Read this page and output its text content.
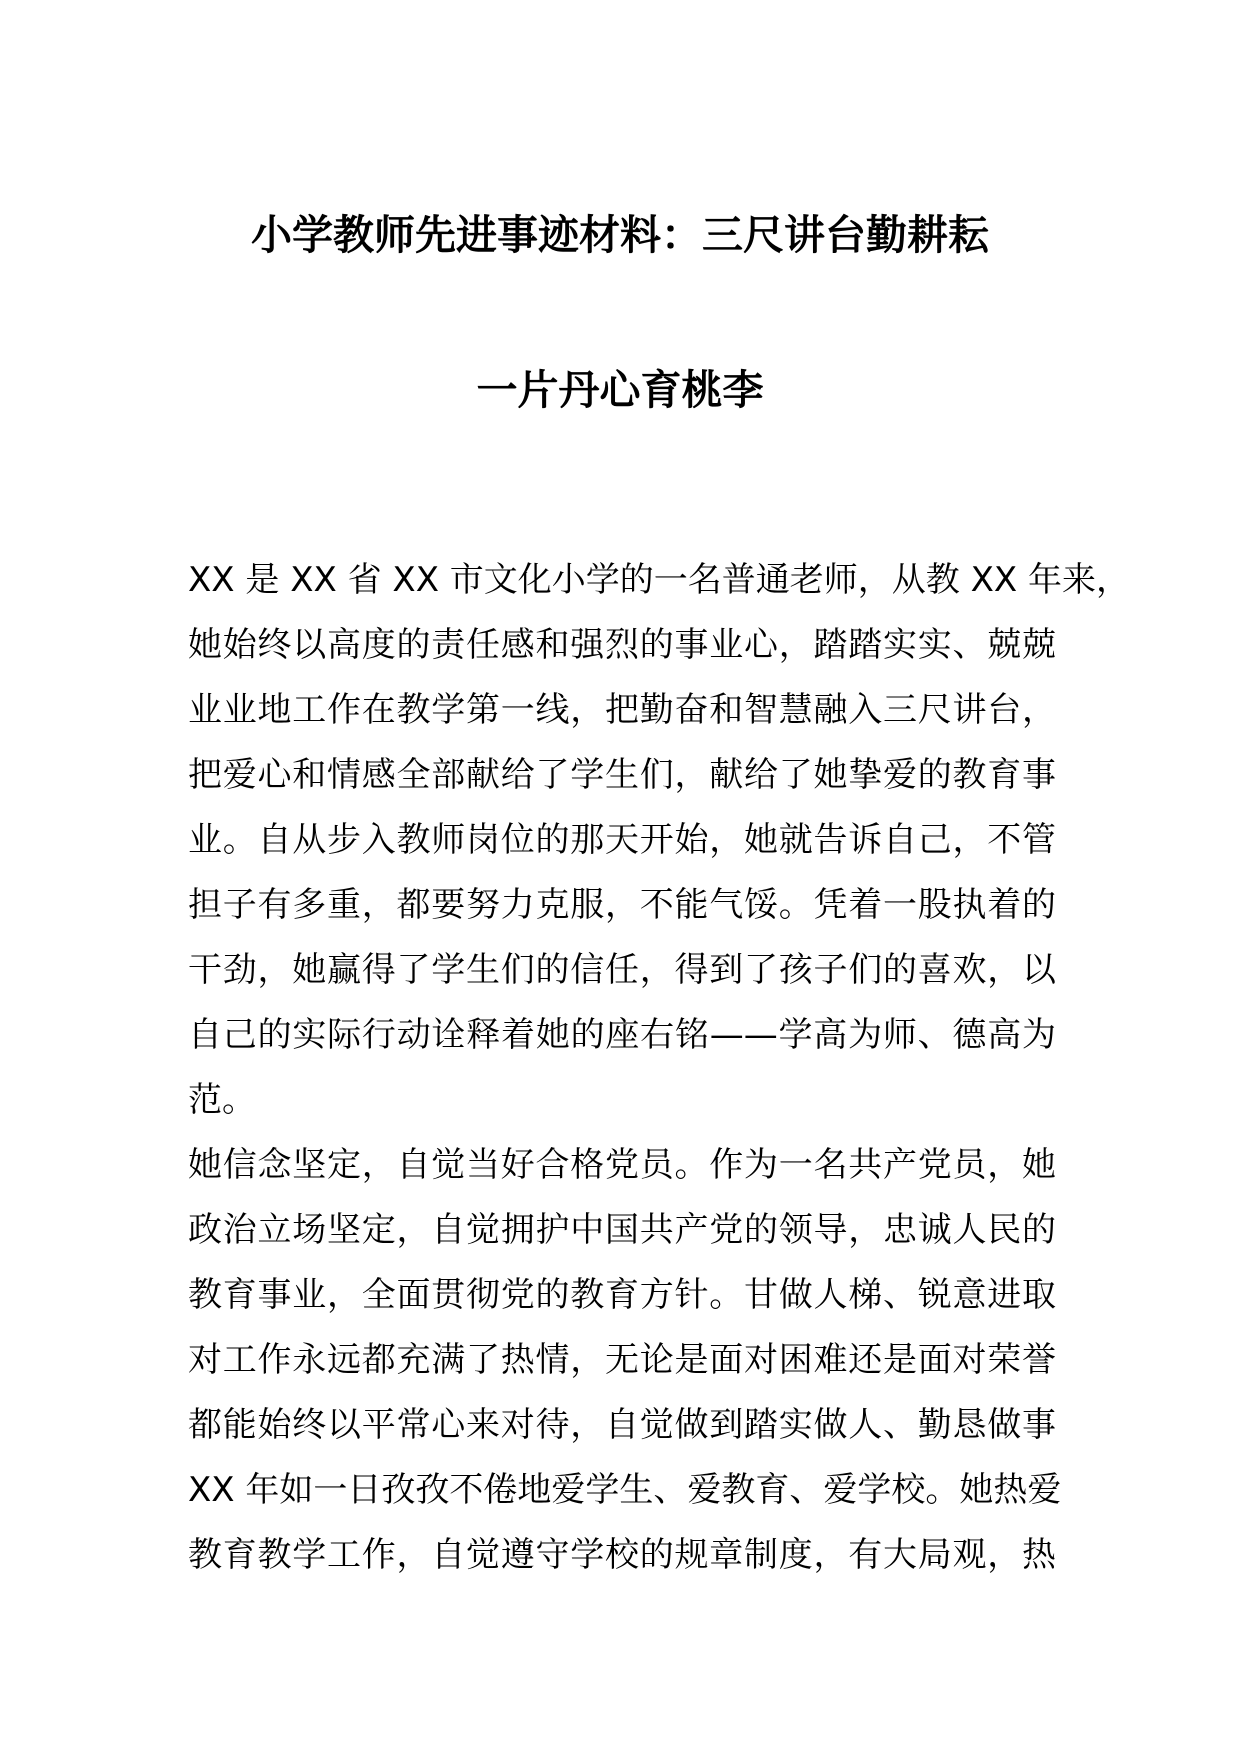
小学教师先进事迹材料：三尺讲台勤耕耘
一片丹心育桃李
XX 是 XX 省 XX 市文化小学的一名普通老师，从教 XX 年来，
她始终以高度的责任感和强烈的事业心，踏踏实实、兢兢
业业地工作在教学第一线，把勤奋和智慧融入三尺讲台，
把爱心和情感全部献给了学生们，献给了她挚爱的教育事
业。自从步入教师岗位的那天开始，她就告诉自己，不管
担子有多重，都要努力克服，不能气馁。凭着一股执着的
干劲，她赢得了学生们的信任，得到了孩子们的喜欢，以
自己的实际行动诠释着她的座右铭——学高为师、德高为
范。
她信念坚定，自觉当好合格党员。作为一名共产党员，她
政治立场坚定，自觉拥护中国共产党的领导，忠诚人民的
教育事业，全面贯彻党的教育方针。甘做人梯、锐意进取
对工作永远都充满了热情，无论是面对困难还是面对荣誉
都能始终以平常心来对待，自觉做到踏实做人、勤恳做事
XX 年如一日孜孜不倦地爱学生、爱教育、爱学校。她热爱
教育教学工作，自觉遵守学校的规章制度，有大局观，热
